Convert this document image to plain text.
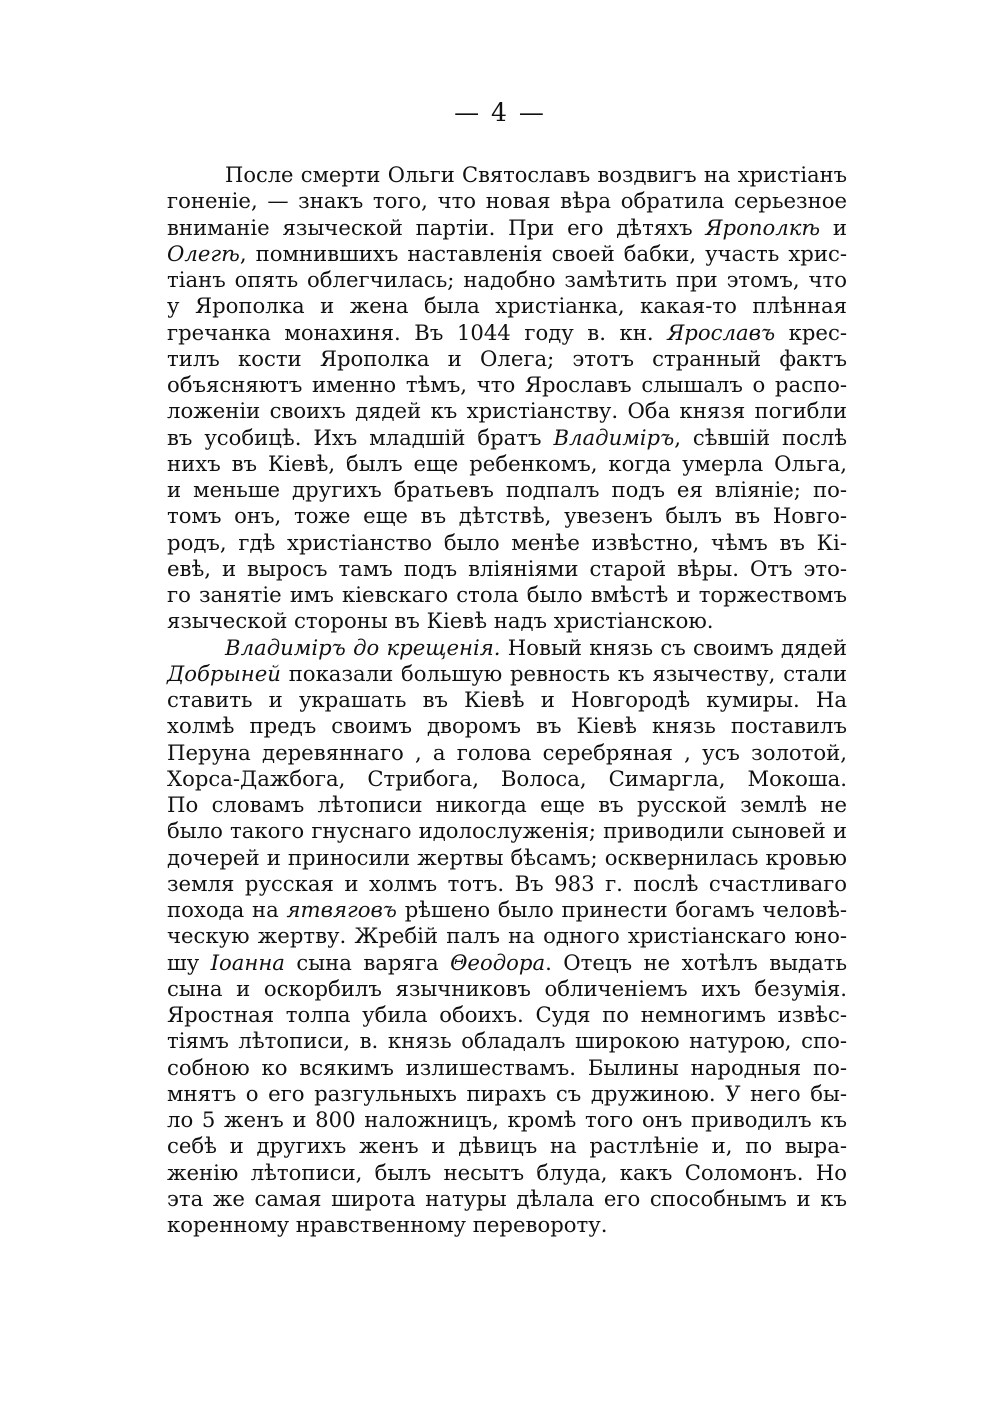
— 4 —
После смерти Ольги Святославъ воздвигъ на христіанъ
гоненіе, — знакъ того, что новая вѣра обратила серьезное
вниманіе языческой партіи. При его дѣтяхъ Ярополкѣ и
Олегѣ, помнившихъ наставленія своей бабки, участь хрис-
тіанъ опять облегчилась; надобно замѣтить при этомъ, что
у Ярополка и жена была христіанка, какая-то плѣнная
гречанка монахиня. Въ 1044 году в. кн. Ярославъ крес-
тилъ кости Ярополка и Олега; этотъ странный фактъ
объясняютъ именно тѣмъ, что Ярославъ слышалъ о распо-
ложеніи своихъ дядей къ христіанству. Оба князя погибли
въ усобицѣ. Ихъ младшій братъ Владиміръ, сѣвшій послѣ
нихъ въ Кіевѣ, былъ еще ребенкомъ, когда умерла Ольга,
и меньше другихъ братьевъ подпалъ подъ ея вліяніе; по-
томъ онъ, тоже еще въ дѣтствѣ, увезенъ былъ въ Новго-
родъ, гдѣ христіанство было менѣе извѣстно, чѣмъ въ Кі-
евѣ, и выросъ тамъ подъ вліяніями старой вѣры. Отъ это-
го занятіе имъ кіевскаго стола было вмѣстѣ и торжествомъ
языческой стороны въ Кіевѣ надъ христіанскою.
Владиміръ до крещенія. Новый князь съ своимъ дядей
Добрыней показали большую ревность къ язычеству, стали
ставить и украшать въ Кіевѣ и Новгородѣ кумиры. На
холмѣ предъ своимъ дворомъ въ Кіевѣ князь поставилъ
Перуна деревяннаго , а голова серебряная , усъ золотой,
Хорса-Дажбога, Стрибога, Волоса, Симаргла, Мокоша.
По словамъ лѣтописи никогда еще въ русской землѣ не
было такого гнуснаго идолослуженія; приводили сыновей и
дочерей и приносили жертвы бѣсамъ; осквернилась кровью
земля русская и холмъ тотъ. Въ 983 г. послѣ счастливаго
похода на ятвяговъ рѣшено было принести богамъ человѣ-
ческую жертву. Жребій палъ на одного христіанскаго юно-
шу Іоанна сына варяга Θеодора. Отецъ не хотѣлъ выдать
сына и оскорбилъ язычниковъ обличеніемъ ихъ безумія.
Яростная толпа убила обоихъ. Судя по немногимъ извѣс-
тіямъ лѣтописи, в. князь обладалъ широкою натурою, спо-
собною ко всякимъ излишествамъ. Былины народныя по-
мнятъ о его разгульныхъ пирахъ съ дружиною. У него бы-
ло 5 женъ и 800 наложницъ, кромѣ того онъ приводилъ къ
себѣ и другихъ женъ и дѣвицъ на растлѣніе и, по выра-
женію лѣтописи, былъ несытъ блуда, какъ Соломонъ. Но
эта же самая широта натуры дѣлала его способнымъ и къ
коренному нравственному перевороту.
